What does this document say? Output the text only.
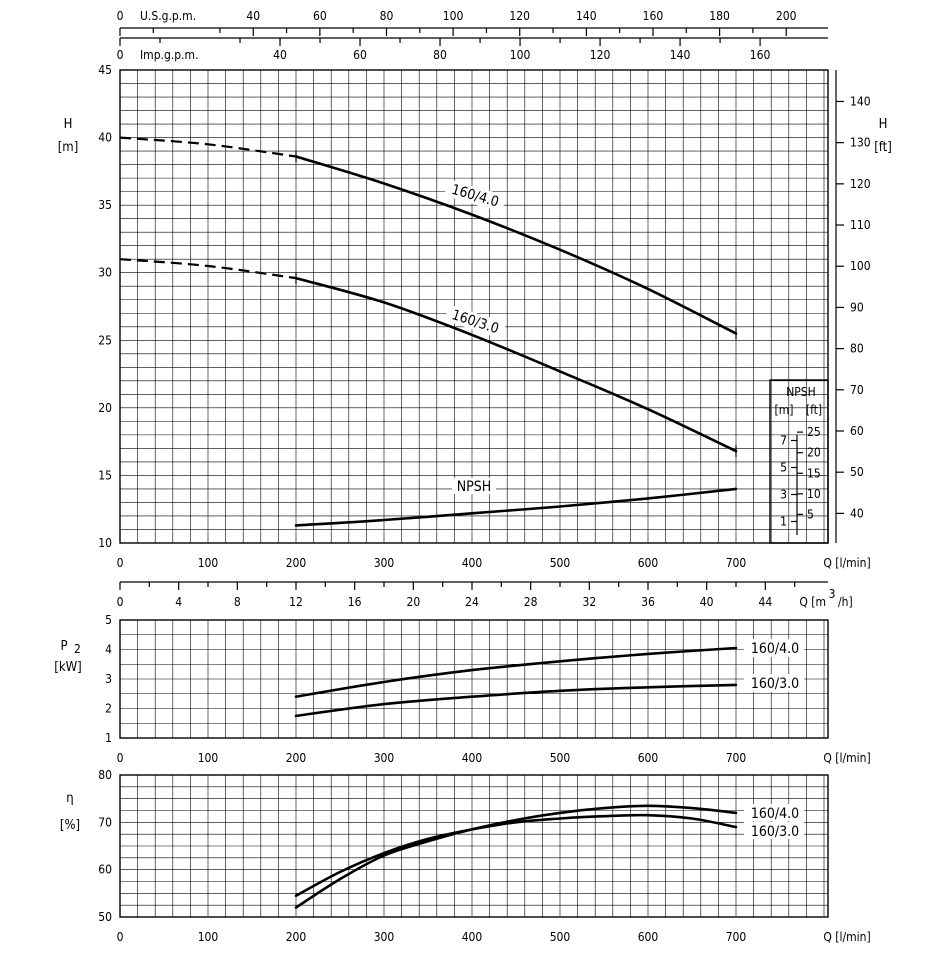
10
15
20
25
30
35
40
45
H
[m]
40
50
60
70
80
90
100
110
120
130
140
H
[ft]
0	100	200	300	400	500	600	700	Q [l/min]
0 U.S.g.p.m.	40	60	80	100	120	140	160	180	200
0 Imp.g.p.m.	40	60	80	100	120	140	160
160/4.0
160/3.0
NPSH
NPSH
[m] [ft]
1
3
5
7
5
10
15
20
25
0	4	8	12	16	20	24	28	32	36	40	44 Q [m
3
/h]
1
2
3
4
5
P 2
[kW]
0	100	200	300	400	500	600	700	Q [l/min]
160/4.0
160/3.0
50
60
70
80
η
[%]
0	100	200	300	400	500	600	700	Q [l/min]
160/4.0
160/3.0
